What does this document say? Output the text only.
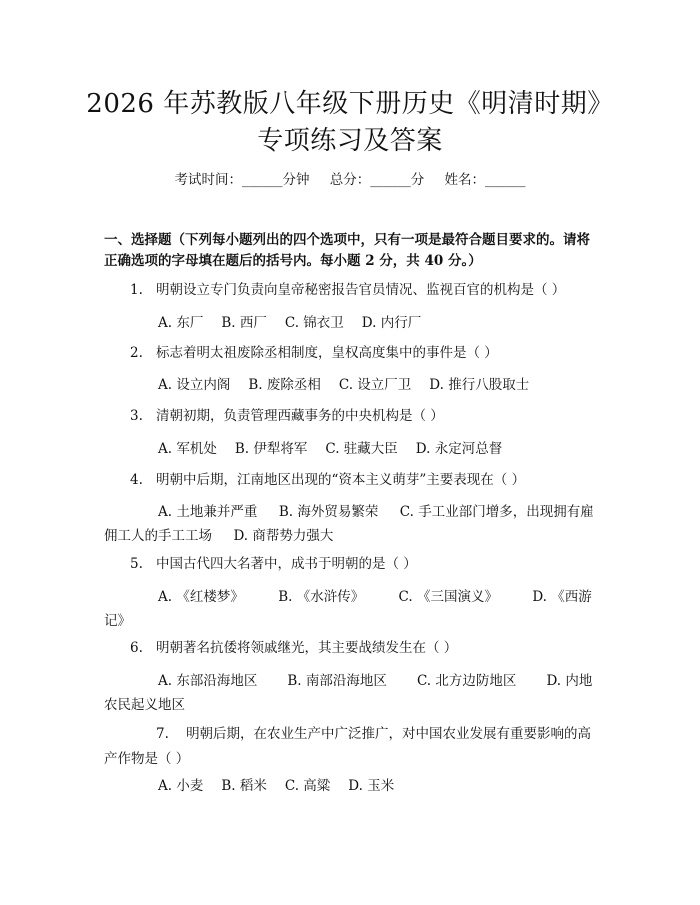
2026 年苏教版八年级下册历史《明清时期》
专项练习及答案
考试时间：______分钟 总分：______分 姓名：______
一、选择题（下列每小题列出的四个选项中，只有一项是最符合题目要求的。请将正确选项的字母填在题后的括号内。每小题 2 分，共 40 分。）
1. 明朝设立专门负责向皇帝秘密报告官员情况、监视百官的机构是（ ）
A. 东厂 B. 西厂 C. 锦衣卫 D. 内行厂
2. 标志着明太祖废除丞相制度，皇权高度集中的事件是（ ）
A. 设立内阁 B. 废除丞相 C. 设立厂卫 D. 推行八股取士
3. 清朝初期，负责管理西藏事务的中央机构是（ ）
A. 军机处 B. 伊犁将军 C. 驻藏大臣 D. 永定河总督
4. 明朝中后期，江南地区出现的“资本主义萌芽”主要表现在（ ）
A. 土地兼并严重 B. 海外贸易繁荣 C. 手工业部门增多，出现拥有雇佣工人的手工工场 D. 商帮势力强大
5. 中国古代四大名著中，成书于明朝的是（ ）
A. 《红楼梦》	B. 《水浒传》	C. 《三国演义》	D. 《西游记》
6. 明朝著名抗倭将领戚继光，其主要战绩发生在（ ）
A. 东部沿海地区 B. 南部沿海地区 C. 北方边防地区 D. 内地农民起义地区
7. 明朝后期，在农业生产中广泛推广，对中国农业发展有重要影响的高产作物是（ ）
A. 小麦 B. 稻米 C. 高粱 D. 玉米
